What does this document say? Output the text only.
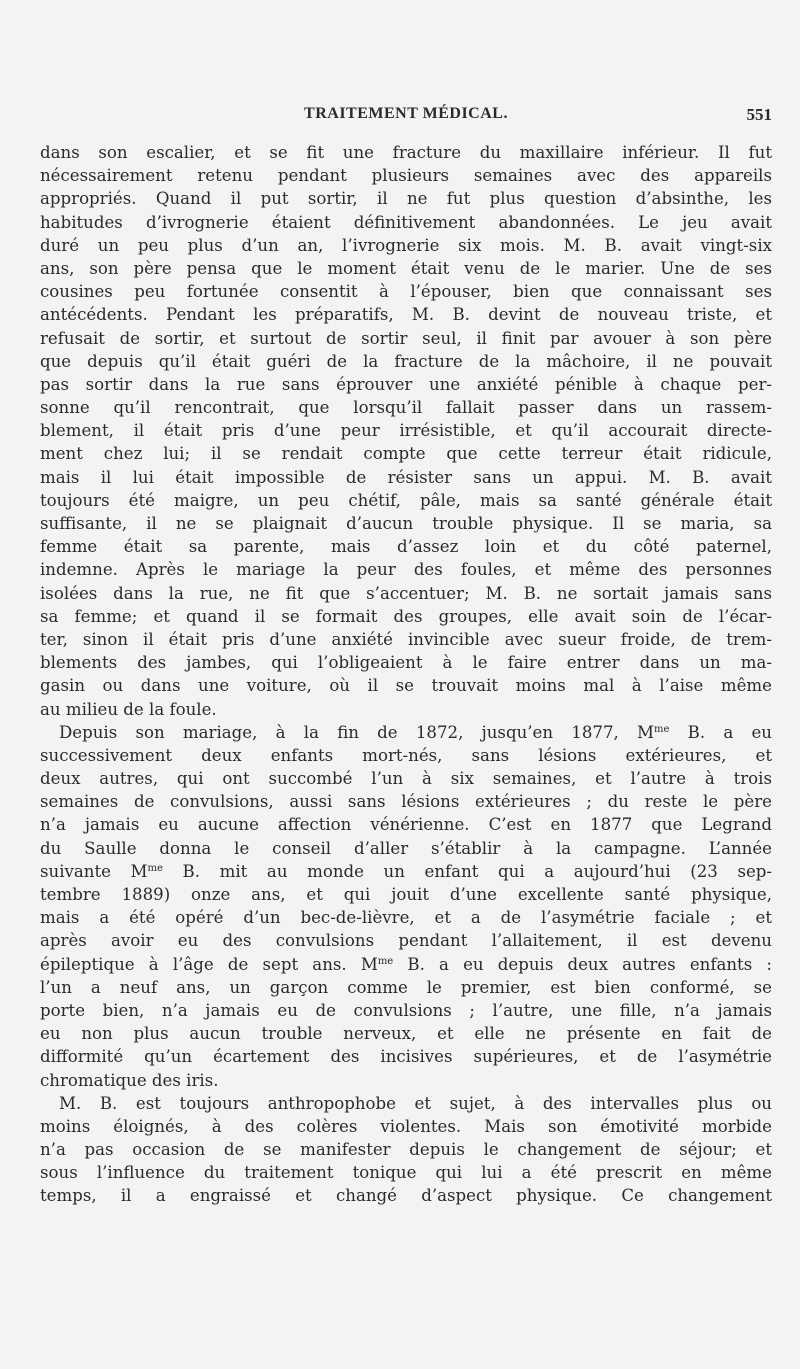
TRAITEMENT MÉDICAL.	551
dans son escalier, et se fit une fracture du maxillaire inférieur. Il fut
nécessairement retenu pendant plusieurs semaines avec des appareils
appropriés. Quand il put sortir, il ne fut plus question d’absinthe, les
habitudes d’ivrognerie étaient définitivement abandonnées. Le jeu avait
duré un peu plus d’un an, l’ivrognerie six mois. M. B. avait vingt-six
ans, son père pensa que le moment était venu de le marier. Une de ses
cousines peu fortunée consentit à l’épouser, bien que connaissant ses
antécédents. Pendant les préparatifs, M. B. devint de nouveau triste, et
refusait de sortir, et surtout de sortir seul, il finit par avouer à son père
que depuis qu’il était guéri de la fracture de la mâchoire, il ne pouvait
pas sortir dans la rue sans éprouver une anxiété pénible à chaque per-
sonne qu’il rencontrait, que lorsqu’il fallait passer dans un rassem-
blement, il était pris d’une peur irrésistible, et qu’il accourait directe-
ment chez lui; il se rendait compte que cette terreur était ridicule,
mais il lui était impossible de résister sans un appui. M. B. avait
toujours été maigre, un peu chétif, pâle, mais sa santé générale était
suffisante, il ne se plaignait d’aucun trouble physique. Il se maria, sa
femme était sa parente, mais d’assez loin et du côté paternel,
indemne. Après le mariage la peur des foules, et même des personnes
isolées dans la rue, ne fit que s’accentuer; M. B. ne sortait jamais sans
sa femme; et quand il se formait des groupes, elle avait soin de l’écar-
ter, sinon il était pris d’une anxiété invincible avec sueur froide, de trem-
blements des jambes, qui l’obligeaient à le faire entrer dans un ma-
gasin ou dans une voiture, où il se trouvait moins mal à l’aise même
au milieu de la foule.
Depuis son mariage, à la fin de 1872, jusqu’en 1877, $M^{me}$ B. a eu
successivement deux enfants mort-nés, sans lésions extérieures, et
deux autres, qui ont succombé l’un à six semaines, et l’autre à trois
semaines de convulsions, aussi sans lésions extérieures ; du reste le père
n’a jamais eu aucune affection vénérienne. C’est en 1877 que Legrand
du Saulle donna le conseil d’aller s’établir à la campagne. L’année
suivante $M^{me}$ B. mit au monde un enfant qui a aujourd’hui (23 sep-
tembre 1889) onze ans, et qui jouit d’une excellente santé physique,
mais a été opéré d’un bec-de-lièvre, et a de l’asymétrie faciale ; et
après avoir eu des convulsions pendant l’allaitement, il est devenu
épileptique à l’âge de sept ans. $M^{me}$ B. a eu depuis deux autres enfants :
l’un a neuf ans, un garçon comme le premier, est bien conformé, se
porte bien, n’a jamais eu de convulsions ; l’autre, une fille, n’a jamais
eu non plus aucun trouble nerveux, et elle ne présente en fait de
difformité qu’un écartement des incisives supérieures, et de l’asymétrie
chromatique des iris.
M. B. est toujours anthropophobe et sujet, à des intervalles plus ou
moins éloignés, à des colères violentes. Mais son émotivité morbide
n’a pas occasion de se manifester depuis le changement de séjour; et
sous l’influence du traitement tonique qui lui a été prescrit en même
temps, il a engraissé et changé d’aspect physique. Ce changement
